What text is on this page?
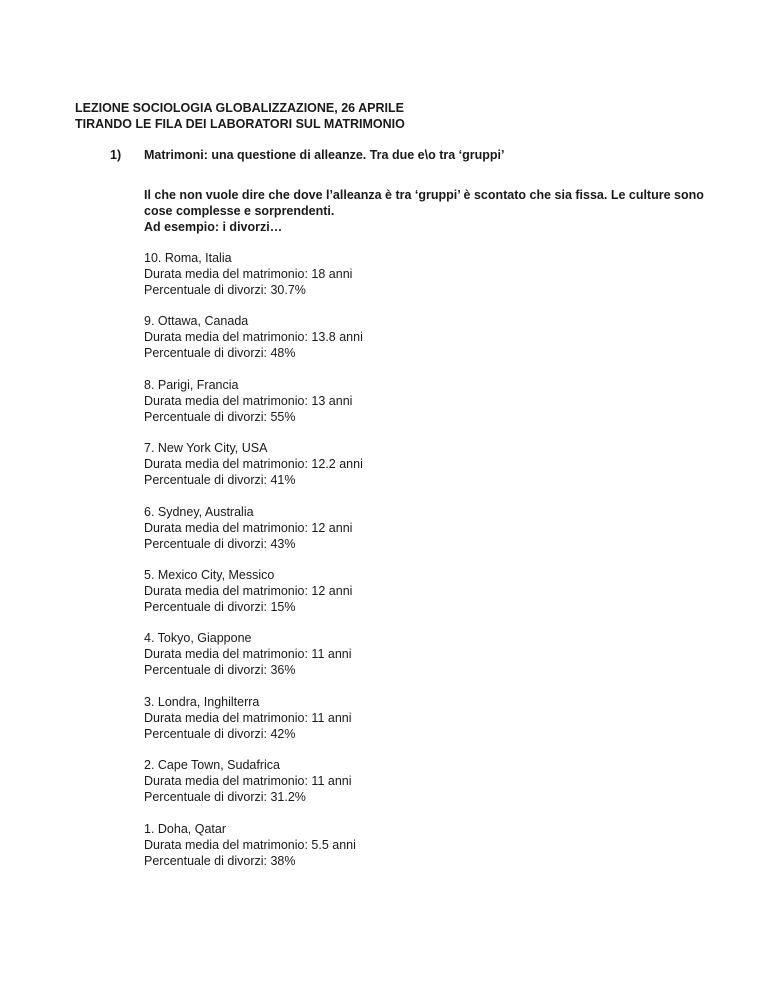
LEZIONE SOCIOLOGIA GLOBALIZZAZIONE, 26 APRILE
TIRANDO LE FILA DEI LABORATORI SUL MATRIMONIO
1) Matrimoni: una questione di alleanze. Tra due e\o tra ‘gruppi’

Il che non vuole dire che dove l’alleanza è tra ‘gruppi’ è scontato che sia fissa. Le culture sono cose complesse e sorprendenti.

Ad esempio: i divorzi…

10. Roma, Italia
Durata media del matrimonio: 18 anni
Percentuale di divorzi: 30.7%
9. Ottawa, Canada
Durata media del matrimonio: 13.8 anni
Percentuale di divorzi: 48%
8. Parigi, Francia
Durata media del matrimonio: 13 anni
Percentuale di divorzi: 55%
7. New York City, USA
Durata media del matrimonio: 12.2 anni
Percentuale di divorzi: 41%
6. Sydney, Australia
Durata media del matrimonio: 12 anni
Percentuale di divorzi: 43%
5. Mexico City, Messico
Durata media del matrimonio: 12 anni
Percentuale di divorzi: 15%
4. Tokyo, Giappone
Durata media del matrimonio: 11 anni
Percentuale di divorzi: 36%
3. Londra, Inghilterra
Durata media del matrimonio: 11 anni
Percentuale di divorzi: 42%
2. Cape Town, Sudafrica
Durata media del matrimonio: 11 anni
Percentuale di divorzi: 31.2%
1. Doha, Qatar
Durata media del matrimonio: 5.5 anni
Percentuale di divorzi: 38%
